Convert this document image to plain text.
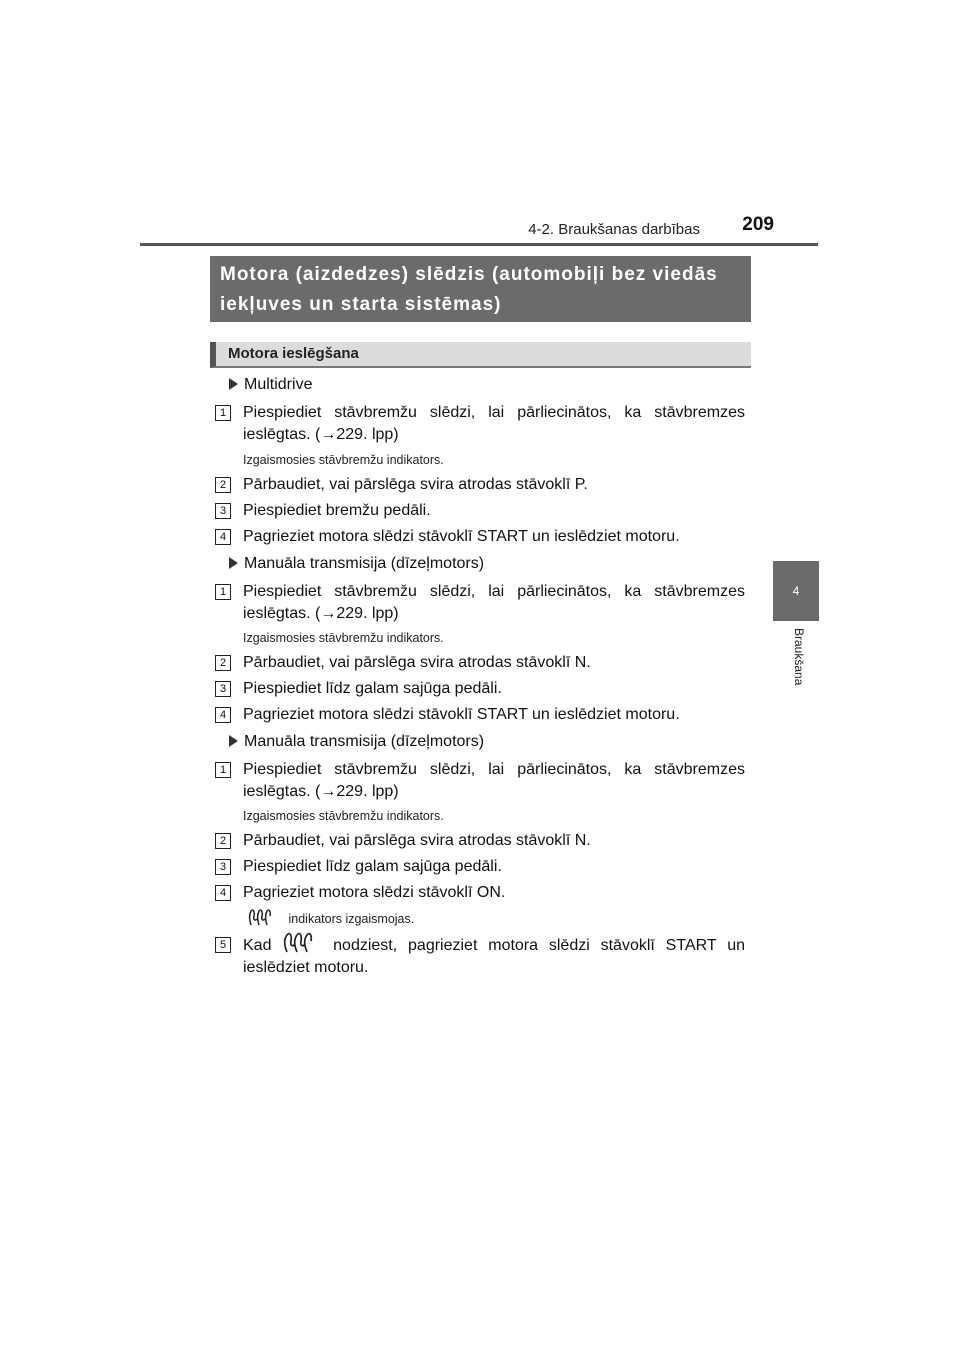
4-2. Braukšanas darbības 209
4
Braukšana
Motora (aizdedzes) slēdzis (automobiļi bez viedās iekļuves un starta sistēmas)
Motora ieslēgšana
Multidrive
1	Piespiediet stāvbremžu slēdzi, lai pārliecinātos, ka stāvbremzes ieslēgtas. (→229. lpp)
Izgaismosies stāvbremžu indikators.
2	Pārbaudiet, vai pārslēga svira atrodas stāvoklī P.
3	Piespiediet bremžu pedāli.
4	Pagrieziet motora slēdzi stāvoklī START un ieslēdziet motoru.
Manuāla transmisija (dīzeļmotors)
1	Piespiediet stāvbremžu slēdzi, lai pārliecinātos, ka stāvbremzes ieslēgtas. (→229. lpp)
Izgaismosies stāvbremžu indikators.
2	Pārbaudiet, vai pārslēga svira atrodas stāvoklī N.
3	Piespiediet līdz galam sajūga pedāli.
4	Pagrieziet motora slēdzi stāvoklī START un ieslēdziet motoru.
Manuāla transmisija (dīzeļmotors)
1	Piespiediet stāvbremžu slēdzi, lai pārliecinātos, ka stāvbremzes ieslēgtas. (→229. lpp)
Izgaismosies stāvbremžu indikators.
2	Pārbaudiet, vai pārslēga svira atrodas stāvoklī N.
3	Piespiediet līdz galam sajūga pedāli.
4	Pagrieziet motora slēdzi stāvoklī ON.
indikators izgaismojas.
5	Kad	nodziest, pagrieziet motora slēdzi stāvoklī START un ieslēdziet motoru.
